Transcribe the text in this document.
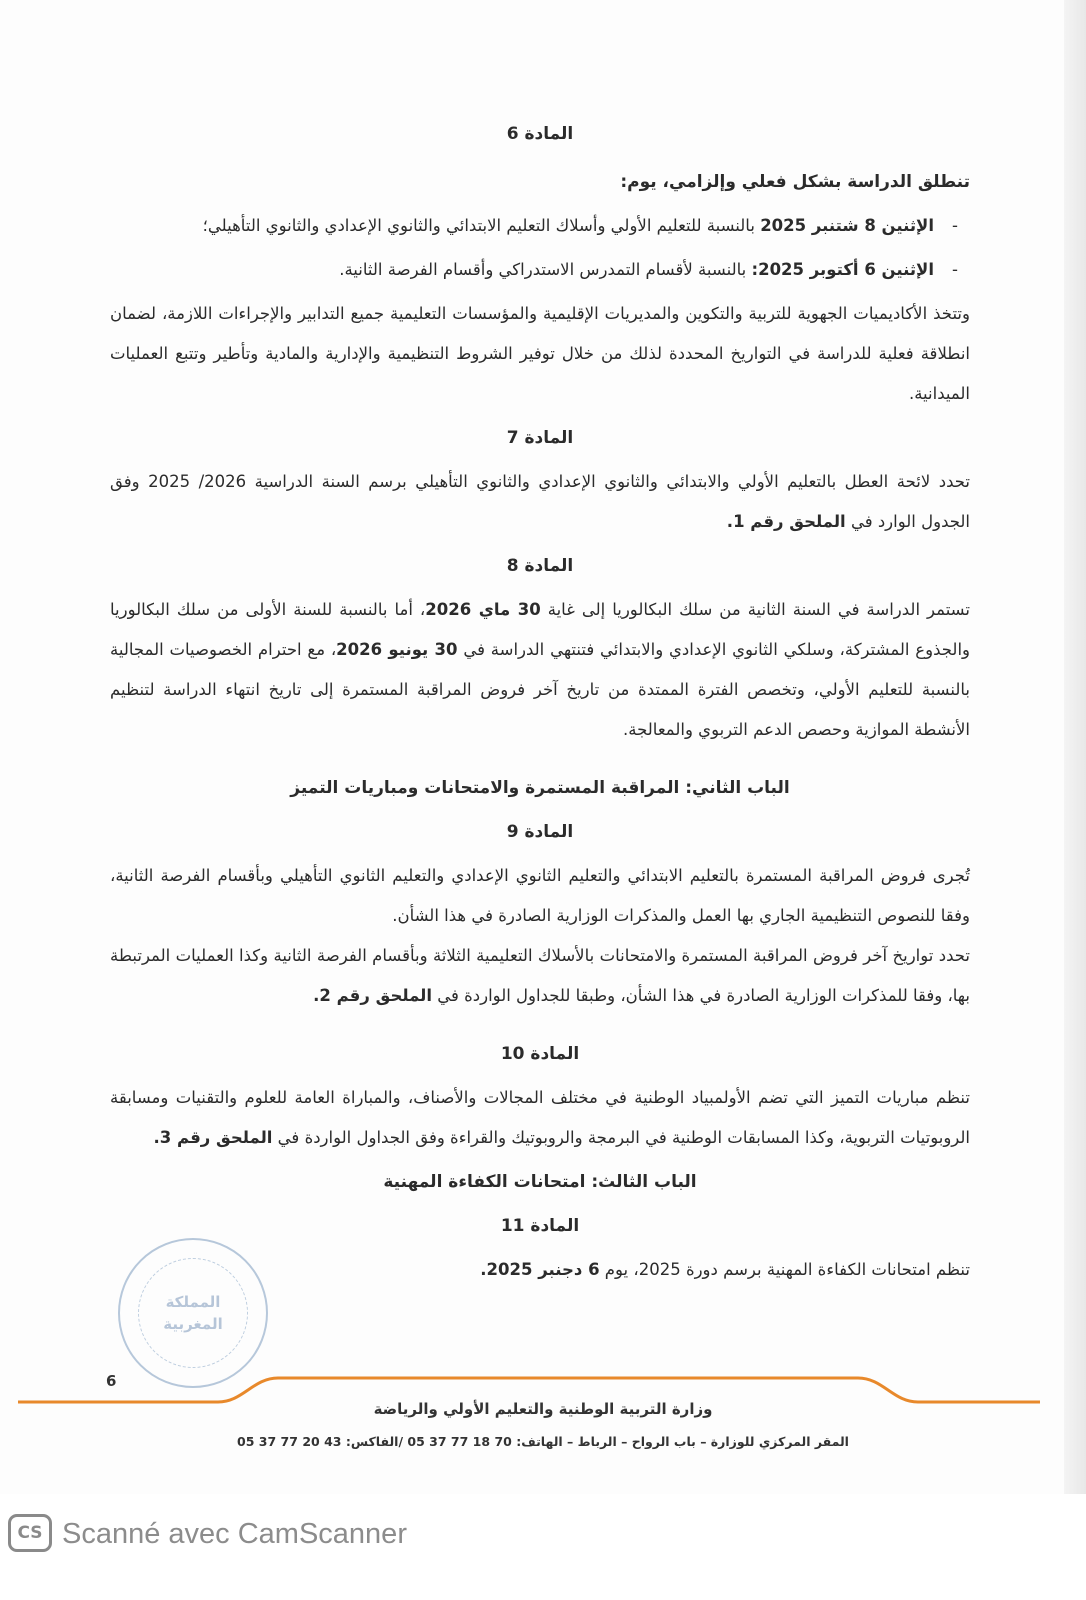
المادة 6

تنطلق الدراسة بشكل فعلي وإلزامي، يوم:

-
الإثنين 8 شتنبر 2025 بالنسبة للتعليم الأولي وأسلاك التعليم الابتدائي والثانوي الإعدادي والثانوي التأهيلي؛
-
الإثنين 6 أكتوبر 2025: بالنسبة لأقسام التمدرس الاستدراكي وأقسام الفرصة الثانية.

وتتخذ الأكاديميات الجهوية للتربية والتكوين والمديريات الإقليمية والمؤسسات التعليمية جميع التدابير والإجراءات اللازمة، لضمان انطلاقة فعلية للدراسة في التواريخ المحددة لذلك من خلال توفير الشروط التنظيمية والإدارية والمادية وتأطير وتتبع العمليات الميدانية.

المادة 7

تحدد لائحة العطل بالتعليم الأولي والابتدائي والثانوي الإعدادي والثانوي التأهيلي برسم السنة الدراسية 2026/ 2025 وفق الجدول الوارد في الملحق رقم 1.

المادة 8

تستمر الدراسة في السنة الثانية من سلك البكالوريا إلى غاية 30 ماي 2026، أما بالنسبة للسنة الأولى من سلك البكالوريا والجذوع المشتركة، وسلكي الثانوي الإعدادي والابتدائي فتنتهي الدراسة في 30 يونيو 2026، مع احترام الخصوصيات المجالية بالنسبة للتعليم الأولي، وتخصص الفترة الممتدة من تاريخ آخر فروض المراقبة المستمرة إلى تاريخ انتهاء الدراسة لتنظيم الأنشطة الموازية وحصص الدعم التربوي والمعالجة.

الباب الثاني: المراقبة المستمرة والامتحانات ومباريات التميز
المادة 9

تُجرى فروض المراقبة المستمرة بالتعليم الابتدائي والتعليم الثانوي الإعدادي والتعليم الثانوي التأهيلي وبأقسام الفرصة الثانية، وفقا للنصوص التنظيمية الجاري بها العمل والمذكرات الوزارية الصادرة في هذا الشأن.

تحدد تواريخ آخر فروض المراقبة المستمرة والامتحانات بالأسلاك التعليمية الثلاثة وبأقسام الفرصة الثانية وكذا العمليات المرتبطة بها، وفقا للمذكرات الوزارية الصادرة في هذا الشأن، وطبقا للجداول الواردة في الملحق رقم 2.

المادة 10

تنظم مباريات التميز التي تضم الأولمبياد الوطنية في مختلف المجالات والأصناف، والمباراة العامة للعلوم والتقنيات ومسابقة الروبوتيات التربوية، وكذا المسابقات الوطنية في البرمجة والروبوتيك والقراءة وفق الجداول الواردة في الملحق رقم 3.

الباب الثالث: امتحانات الكفاءة المهنية
المادة 11

تنظم امتحانات الكفاءة المهنية برسم دورة 2025، يوم 6 دجنبر 2025.

المملكة المغربية
6
وزارة التربية الوطنية والتعليم الأولي والرياضة
المقر المركزي للوزارة – باب الرواح – الرباط – الهاتف: 70 18 77 37 05 /الفاكس: 43 20 77 37 05
CS Scanné avec CamScanner
